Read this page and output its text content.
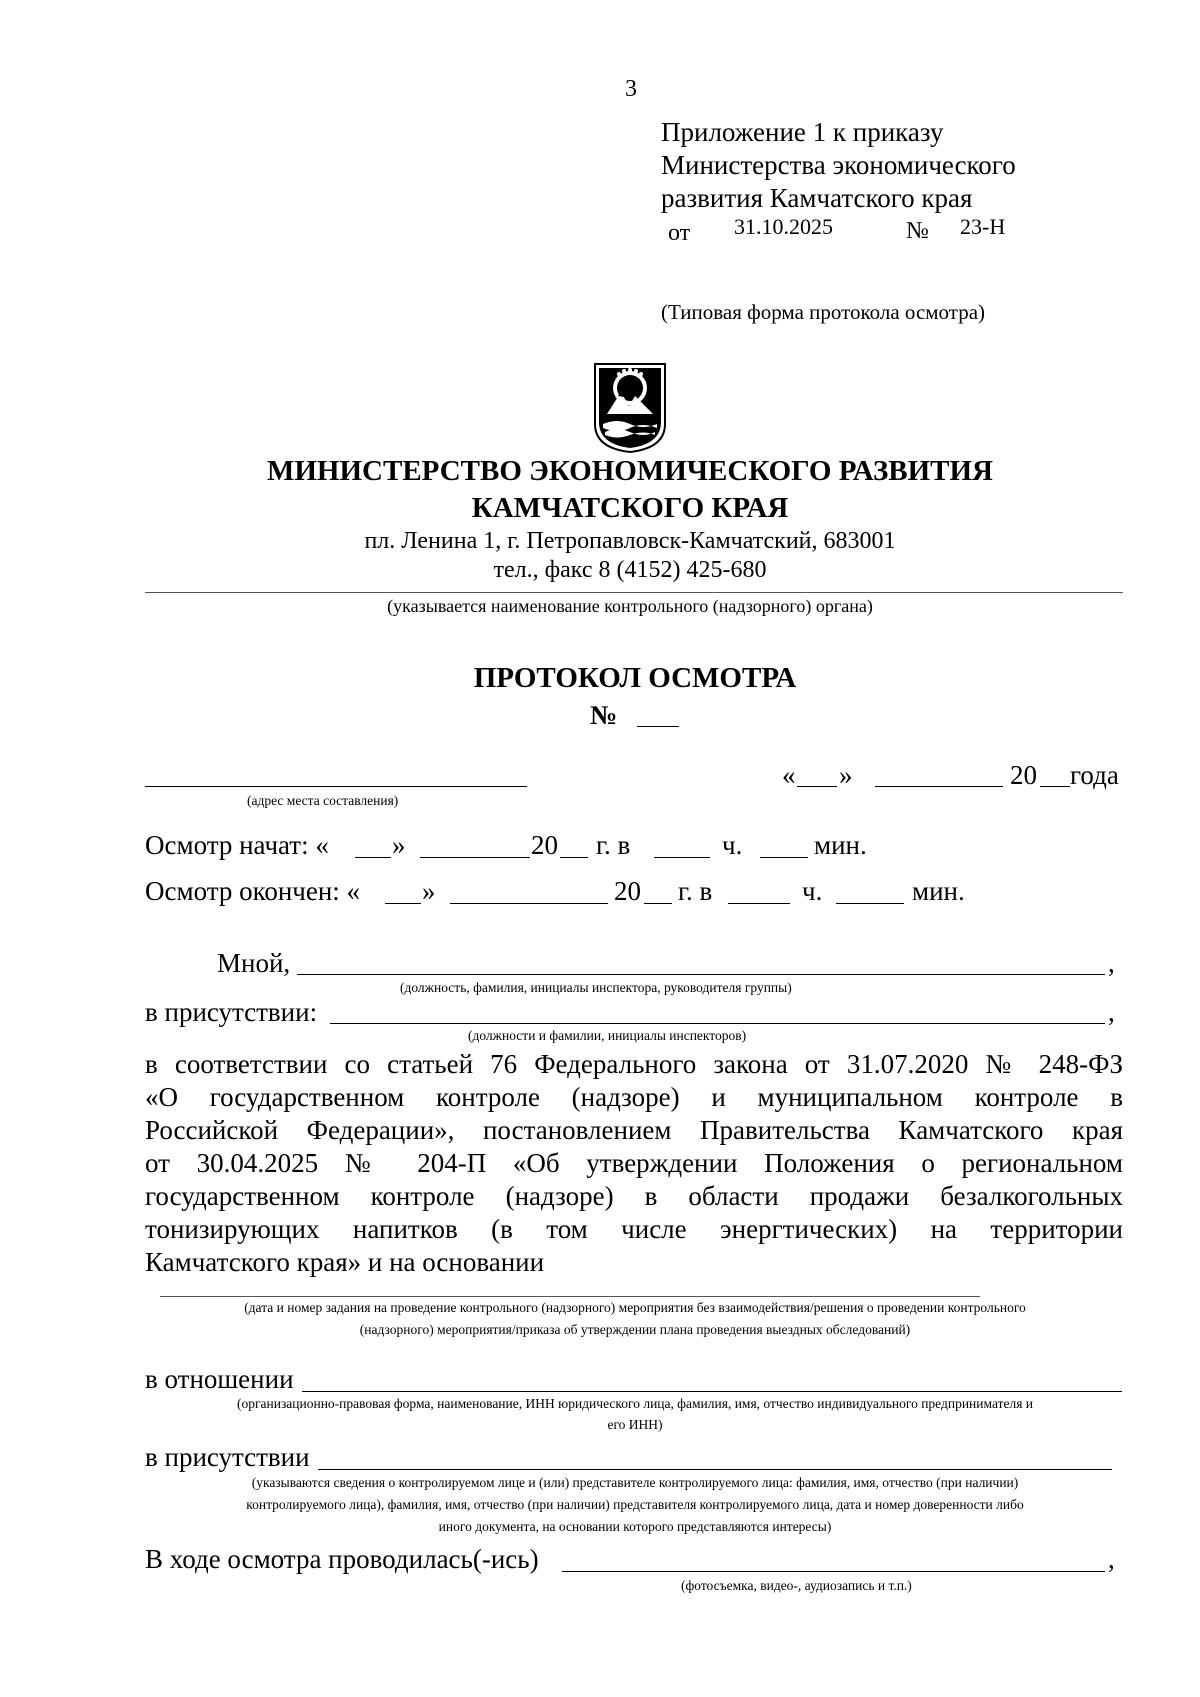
3
Приложение 1 к приказу
Министерства экономического
развития Камчатского края
от 31.10.2025	№ 23-Н
(Типовая форма протокола осмотра)
МИНИСТЕРСТВО ЭКОНОМИЧЕСКОГО РАЗВИТИЯ
КАМЧАТСКОГО КРАЯ
пл. Ленина 1, г. Петропавловск-Камчатский, 683001
тел., факс 8 (4152) 425-680
(указывается наименование контрольного (надзорного) органа)
ПРОТОКОЛ ОСМОТРА
№
(адрес места составления)
« »	20 года
Осмотр начат: « »	20 г. в	ч.	мин.
Осмотр окончен: « »	20 г. в	ч.	мин.
Мной,	,
(должность, фамилия, инициалы инспектора, руководителя группы)
в присутствии:	,
(должности и фамилии, инициалы инспекторов)
в соответствии со статьей 76 Федерального закона от 31.07.2020 № 248-ФЗ
«О государственном контроле (надзоре) и муниципальном контроле в
Российской Федерации», постановлением Правительства Камчатского края
от 30.04.2025 № 204-П «Об утверждении Положения о региональном
государственном контроле (надзоре) в области продажи безалкогольных
тонизирующих напитков (в том числе энергтических) на территории
Камчатского края» и на основании
(дата и номер задания на проведение контрольного (надзорного) мероприятия без взаимодействия/решения о проведении контрольного
(надзорного) мероприятия/приказа об утверждении плана проведения выездных обследований)
в отношении
(организационно-правовая форма, наименование, ИНН юридического лица, фамилия, имя, отчество индивидуального предпринимателя и
его ИНН)
в присутствии
(указываются сведения о контролируемом лице и (или) представителе контролируемого лица: фамилия, имя, отчество (при наличии)
контролируемого лица), фамилия, имя, отчество (при наличии) представителя контролируемого лица, дата и номер доверенности либо
иного документа, на основании которого представляются интересы)
В ходе осмотра проводилась(-ись)	,
(фотосъемка, видео-, аудиозапись и т.п.)
